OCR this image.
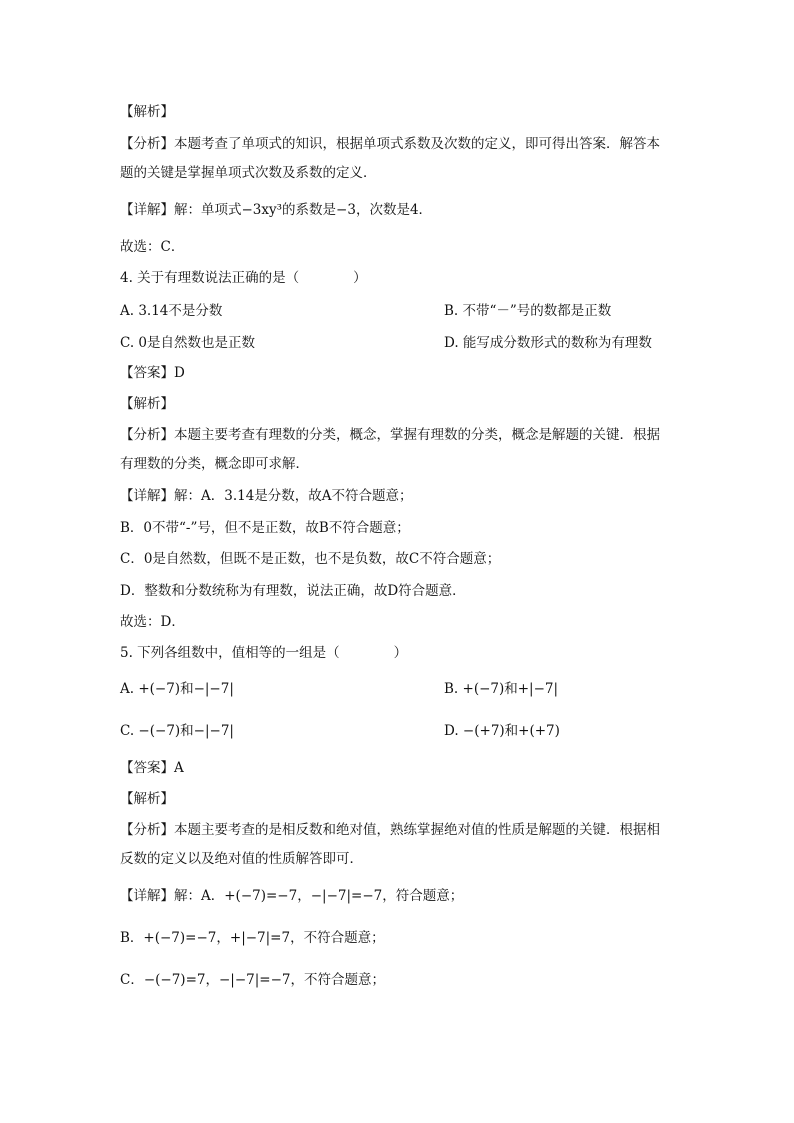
【解析】
【分析】本题考查了单项式的知识，根据单项式系数及次数的定义，即可得出答案．解答本
题的关键是掌握单项式次数及系数的定义．
【详解】解：单项式−3xy³的系数是−3，次数是4．
故选：C．
4. 关于有理数说法正确的是（　　　　）
A. 3.14不是分数	B. 不带“－”号的数都是正数
C. 0是自然数也是正数	D. 能写成分数形式的数称为有理数
【答案】D
【解析】
【分析】本题主要考查有理数的分类，概念，掌握有理数的分类，概念是解题的关键．根据
有理数的分类，概念即可求解．
【详解】解：A．3.14是分数，故A不符合题意；
B．0不带“-”号，但不是正数，故B不符合题意；
C．0是自然数，但既不是正数，也不是负数，故C不符合题意；
D．整数和分数统称为有理数，说法正确，故D符合题意．
故选：D．
5. 下列各组数中，值相等的一组是（　　　　）
A. +(−7)和−|−7|	B. +(−7)和+|−7|
C. −(−7)和−|−7|	D. −(+7)和+(+7)
【答案】A
【解析】
【分析】本题主要考查的是相反数和绝对值，熟练掌握绝对值的性质是解题的关键．根据相
反数的定义以及绝对值的性质解答即可．
【详解】解：A．+(−7)=−7，−|−7|=−7，符合题意；
B．+(−7)=−7，+|−7|=7，不符合题意；
C．−(−7)=7，−|−7|=−7，不符合题意；
